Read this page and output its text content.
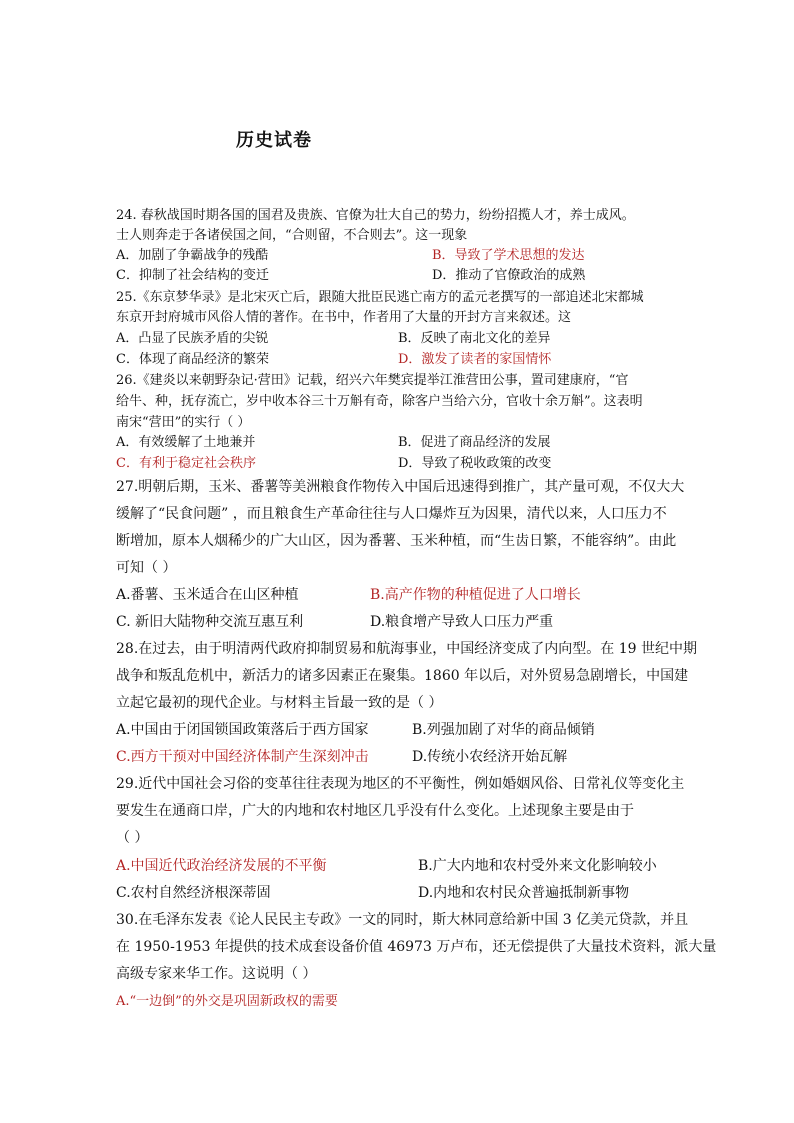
历史试卷
24. 春秋战国时期各国的国君及贵族、官僚为壮大自己的势力，纷纷招揽人才，养士成风。
士人则奔走于各诸侯国之间，“合则留，不合则去”。这一现象
A．加剧了争霸战争的残酷	B．导致了学术思想的发达
C．抑制了社会结构的变迁	D．推动了官僚政治的成熟
25.《东京梦华录》是北宋灭亡后，跟随大批臣民逃亡南方的孟元老撰写的一部追述北宋都城
东京开封府城市风俗人情的著作。在书中，作者用了大量的开封方言来叙述。这
A．凸显了民族矛盾的尖锐	B．反映了南北文化的差异
C．体现了商品经济的繁荣	D．激发了读者的家国情怀
26.《建炎以来朝野杂记·营田》记载，绍兴六年樊宾提举江淮营田公事，置司建康府，“官
给牛、种，抚存流亡，岁中收本谷三十万斛有奇，除客户当给六分，官收十余万斛”。这表明
南宋“营田”的实行（ ）
A．有效缓解了土地兼并	B．促进了商品经济的发展
C．有利于稳定社会秩序	D．导致了税收政策的改变
27.明朝后期，玉米、番薯等美洲粮食作物传入中国后迅速得到推广，其产量可观，不仅大大
缓解了“民食问题” ，而且粮食生产革命往往与人口爆炸互为因果，清代以来，人口压力不
断增加，原本人烟稀少的广大山区，因为番薯、玉米种植，而“生齿日繁，不能容纳”。由此
可知（ ）
A.番薯、玉米适合在山区种植	B.高产作物的种植促进了人口增长
C. 新旧大陆物种交流互惠互利	D.粮食增产导致人口压力严重
28.在过去，由于明清两代政府抑制贸易和航海事业，中国经济变成了内向型。在 19 世纪中期
战争和叛乱危机中，新活力的诸多因素正在聚集。1860 年以后，对外贸易急剧增长，中国建
立起它最初的现代企业。与材料主旨最一致的是（ ）
A.中国由于闭国锁国政策落后于西方国家	B.列强加剧了对华的商品倾销
C.西方干预对中国经济体制产生深刻冲击	D.传统小农经济开始瓦解
29.近代中国社会习俗的变革往往表现为地区的不平衡性，例如婚姻风俗、日常礼仪等变化主
要发生在通商口岸，广大的内地和农村地区几乎没有什么变化。上述现象主要是由于
（ ）
A.中国近代政治经济发展的不平衡	B.广大内地和农村受外来文化影响较小
C.农村自然经济根深蒂固	D.内地和农村民众普遍抵制新事物
30.在毛泽东发表《论人民民主专政》一文的同时，斯大林同意给新中国 3 亿美元贷款，并且
在 1950-1953 年提供的技术成套设备价值 46973 万卢布，还无偿提供了大量技术资料，派大量
高级专家来华工作。这说明（ ）
A.“一边倒”的外交是巩固新政权的需要
